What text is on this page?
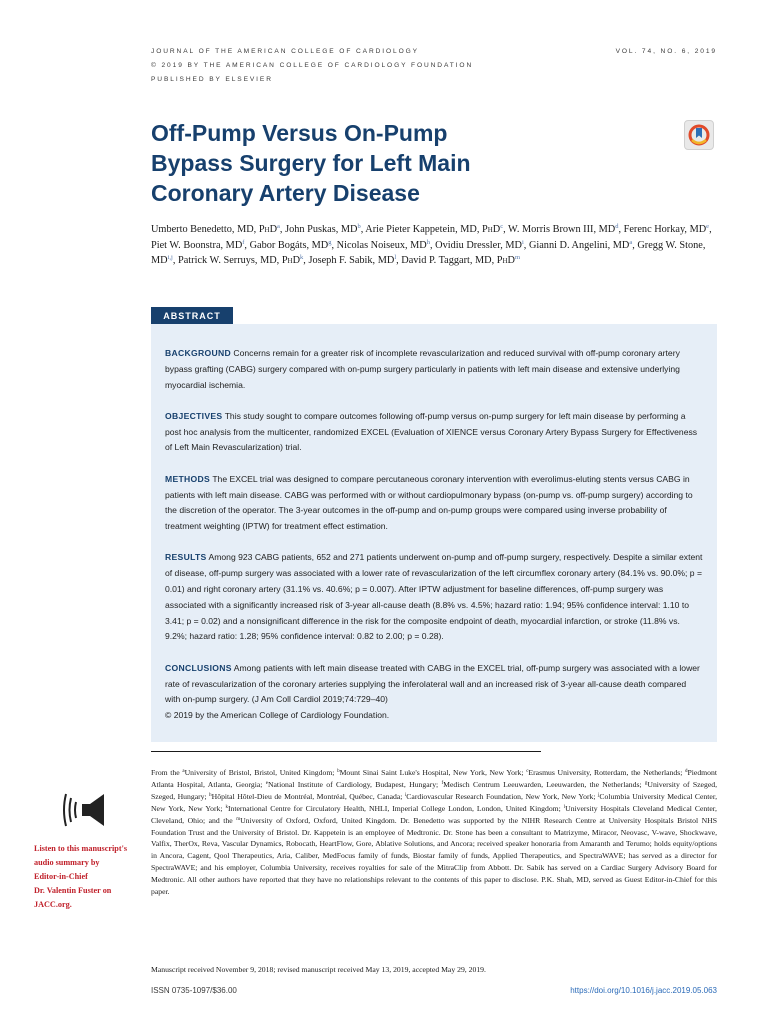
JOURNAL OF THE AMERICAN COLLEGE OF CARDIOLOGY
© 2019 BY THE AMERICAN COLLEGE OF CARDIOLOGY FOUNDATION
PUBLISHED BY ELSEVIER
VOL. 74, NO. 6, 2019
Off-Pump Versus On-Pump
Bypass Surgery for Left Main
Coronary Artery Disease
Umberto Benedetto, MD, PhD$^a$, John Puskas, $MD^b$, Arie Pieter Kappetein, MD, PhD$^c$, W. Morris Brown III, $MD^d$, Ferenc Horkay, MDe, Piet W. Boonstra, $MD^f$, Gabor Bogáts, $MD^g$, Nicolas Noiseux, $MD^h$, Ovidiu Dressler, $MD^i$, Gianni D. Angelini, $MD^a$, Gregg W. Stone, MD$^{i,j}$, Patrick W. Serruys, MD, PhD$^k$, Joseph F. Sabik, $MD^l$, David P. Taggart, MD, PhD$^m$
ABSTRACT

BACKGROUND Concerns remain for a greater risk of incomplete revascularization and reduced survival with off-pump coronary artery bypass grafting (CABG) surgery compared with on-pump surgery particularly in patients with left main disease and extensive underlying myocardial ischemia.

OBJECTIVES This study sought to compare outcomes following off-pump versus on-pump surgery for left main disease by performing a post hoc analysis from the multicenter, randomized EXCEL (Evaluation of XIENCE versus Coronary Artery Bypass Surgery for Effectiveness of Left Main Revascularization) trial.

METHODS The EXCEL trial was designed to compare percutaneous coronary intervention with everolimus-eluting stents versus CABG in patients with left main disease. CABG was performed with or without cardiopulmonary bypass (on-pump vs. off-pump surgery) according to the discretion of the operator. The 3-year outcomes in the off-pump and on-pump groups were compared using inverse probability of treatment weighting (IPTW) for treatment effect estimation.

RESULTS Among 923 CABG patients, 652 and 271 patients underwent on-pump and off-pump surgery, respectively. Despite a similar extent of disease, off-pump surgery was associated with a lower rate of revascularization of the left circumflex coronary artery (84.1% vs. 90.0%; p = 0.01) and right coronary artery (31.1% vs. 40.6%; p = 0.007). After IPTW adjustment for baseline differences, off-pump surgery was associated with a significantly increased risk of 3-year all-cause death (8.8% vs. 4.5%; hazard ratio: 1.94; 95% confidence interval: 1.10 to 3.41; p = 0.02) and a nonsignificant difference in the risk for the composite endpoint of death, myocardial infarction, or stroke (11.8% vs. 9.2%; hazard ratio: 1.28; 95% confidence interval: 0.82 to 2.00; p = 0.28).

CONCLUSIONS Among patients with left main disease treated with CABG in the EXCEL trial, off-pump surgery was associated with a lower rate of revascularization of the coronary arteries supplying the inferolateral wall and an increased risk of 3-year all-cause death compared with on-pump surgery. (J Am Coll Cardiol 2019;74:729–40)
© 2019 by the American College of Cardiology Foundation.

Listen to this manuscript's
audio summary by
Editor-in-Chief
Dr. Valentin Fuster on
JACC.org.
From the $^a$University of Bristol, Bristol, United Kingdom; $^b$Mount Sinai Saint Luke's Hospital, New York, New York; $^c$Erasmus University, Rotterdam, the Netherlands; $^d$Piedmont Atlanta Hospital, Atlanta, Georgia; $^e$National Institute of Cardiology, Budapest, Hungary; $^f$Medisch Centrum Leeuwarden, Leeuwarden, the Netherlands; $^g$University of Szeged, Szeged, Hungary; $^h$Hôpital Hôtel-Dieu de Montréal, Montréal, Québec, Canada; $^i$Cardiovascular Research Foundation, New York, New York; $^j$Columbia University Medical Center, New York, New York; $^k$International Centre for Circulatory Health, NHLI, Imperial College London, London, United Kingdom; $^l$University Hospitals Cleveland Medical Center, Cleveland, Ohio; and the $^m$University of Oxford, Oxford, United Kingdom. Dr. Benedetto was supported by the NIHR Research Centre at University Hospitals Bristol NHS Foundation Trust and the University of Bristol. Dr. Kappetein is an employee of Medtronic. Dr. Stone has been a consultant to Matrizyme, Miracor, Neovasc, V-wave, Shockwave, Valfix, TherOx, Reva, Vascular Dynamics, Robocath, HeartFlow, Gore, Ablative Solutions, and Ancora; received speaker honoraria from Amaranth and Terumo; holds equity/options in Ancora, Cagent, Qool Therapeutics, Aria, Caliber, MedFocus family of funds, Biostar family of funds, Applied Therapeutics, and SpectraWAVE; has served as a director for SpectraWAVE; and his employer, Columbia University, receives royalties for sale of the MitraClip from Abbott. Dr. Sabik has served on a Cardiac Surgery Advisory Board for Medtronic. All other authors have reported that they have no relationships relevant to the contents of this paper to disclose. P.K. Shah, MD, served as Guest Editor-in-Chief for this paper.
Manuscript received November 9, 2018; revised manuscript received May 13, 2019, accepted May 29, 2019.
ISSN 0735-1097/$36.00	https://doi.org/10.1016/j.jacc.2019.05.063
